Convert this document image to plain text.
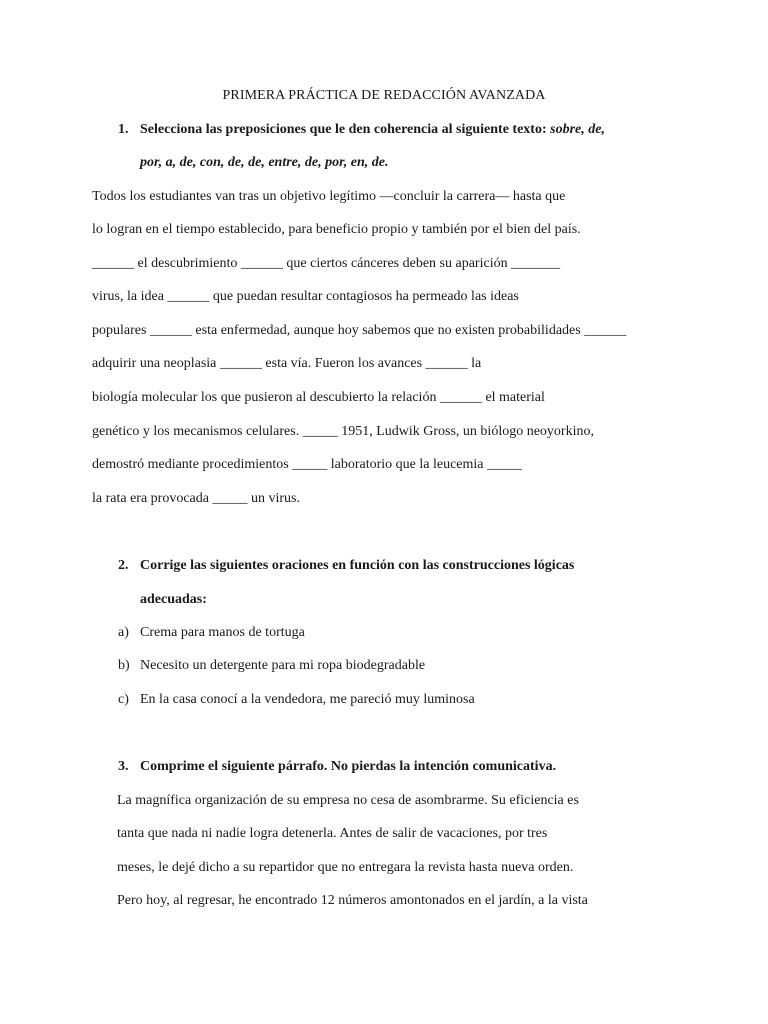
PRIMERA PRÁCTICA DE REDACCIÓN AVANZADA
1. Selecciona las preposiciones que le den coherencia al siguiente texto: sobre, de,
por, a, de, con, de, de, entre, de, por, en, de.
Todos los estudiantes van tras un objetivo legítimo —concluir la carrera— hasta que
lo logran en el tiempo establecido, para beneficio propio y también por el bien del país.
______ el descubrimiento ______ que ciertos cánceres deben su aparición _______
virus, la idea ______ que puedan resultar contagiosos ha permeado las ideas
populares ______ esta enfermedad, aunque hoy sabemos que no existen probabilidades ______
adquirir una neoplasia ______ esta vía. Fueron los avances ______ la
biología molecular los que pusieron al descubierto la relación ______ el material
genético y los mecanismos celulares. _____ 1951, Ludwik Gross, un biólogo neoyorkino,
demostró mediante procedimientos _____ laboratorio que la leucemia _____
la rata era provocada _____ un virus.
2. Corrige las siguientes oraciones en función con las construcciones lógicas
adecuadas:
a) Crema para manos de tortuga
b) Necesito un detergente para mi ropa biodegradable
c) En la casa conocí a la vendedora, me pareció muy luminosa
3. Comprime el siguiente párrafo. No pierdas la intención comunicativa.
La magnífica organización de su empresa no cesa de asombrarme. Su eficiencia es
tanta que nada ni nadie logra detenerla. Antes de salir de vacaciones, por tres
meses, le dejé dicho a su repartidor que no entregara la revista hasta nueva orden.
Pero hoy, al regresar, he encontrado 12 números amontonados en el jardín, a la vista
